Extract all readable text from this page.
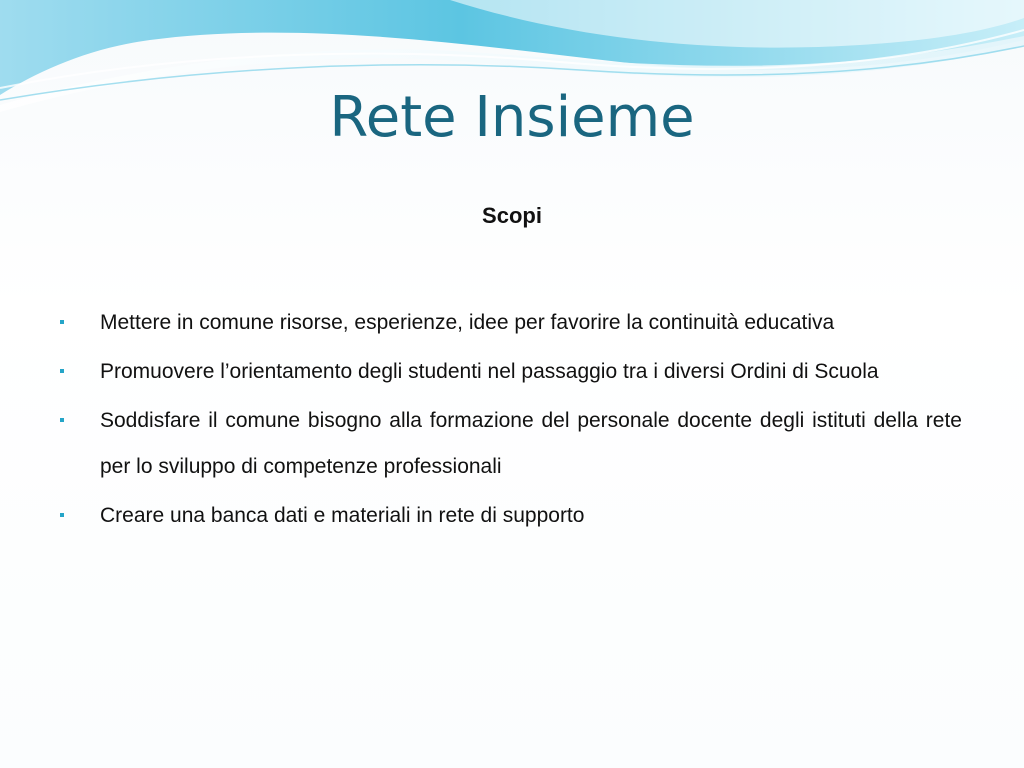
Rete Insieme
Scopi
Mettere in comune risorse, esperienze, idee per favorire la continuità educativa
Promuovere l’orientamento degli studenti nel passaggio tra i diversi Ordini di Scuola
Soddisfare il comune bisogno alla formazione del personale docente degli istituti della rete per lo sviluppo di competenze professionali
Creare una banca dati e materiali in rete di supporto
